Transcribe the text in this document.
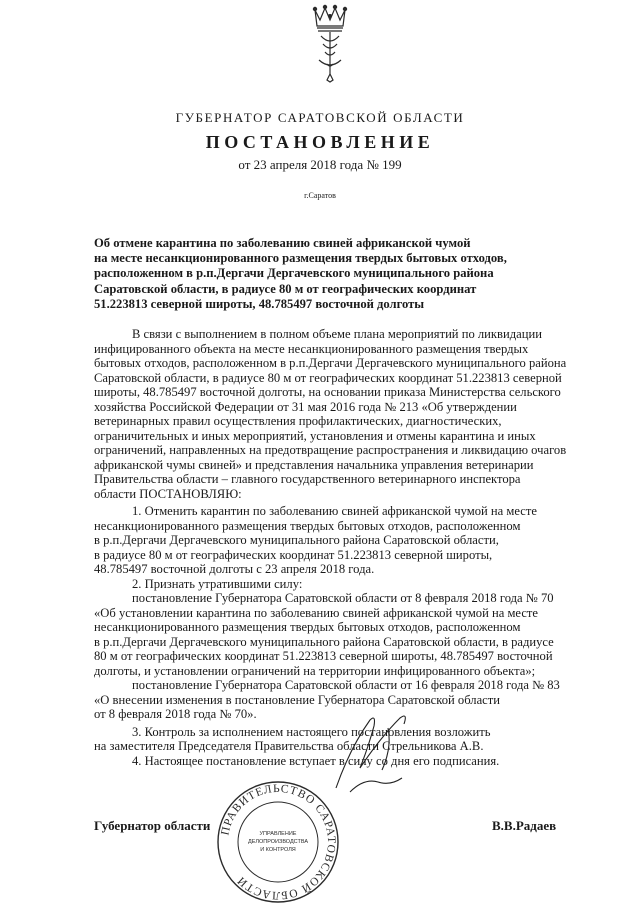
ГУБЕРНАТОР САРАТОВСКОЙ ОБЛАСТИ
ПОСТАНОВЛЕНИЕ
от 23 апреля 2018 года № 199
г.Саратов
Об отмене карантина по заболеванию свиней африканской чумой
на месте несанкционированного размещения твердых бытовых отходов,
расположенном в р.п.Дергачи Дергачевского муниципального района
Саратовской области, в радиусе 80 м от географических координат
51.223813 северной широты, 48.785497 восточной долготы
В связи с выполнением в полном объеме плана мероприятий по ликвидации
инфицированного объекта на месте несанкционированного размещения твердых
бытовых отходов, расположенном в р.п.Дергачи Дергачевского муниципального района
Саратовской области, в радиусе 80 м от географических координат 51.223813 северной
широты, 48.785497 восточной долготы, на основании приказа Министерства сельского
хозяйства Российской Федерации от 31 мая 2016 года № 213 «Об утверждении
ветеринарных правил осуществления профилактических, диагностических,
ограничительных и иных мероприятий, установления и отмены карантина и иных
ограничений, направленных на предотвращение распространения и ликвидацию очагов
африканской чумы свиней» и представления начальника управления ветеринарии
Правительства области – главного государственного ветеринарного инспектора
области ПОСТАНОВЛЯЮ:
1. Отменить карантин по заболеванию свиней африканской чумой на месте
несанкционированного размещения твердых бытовых отходов, расположенном
в р.п.Дергачи Дергачевского муниципального района Саратовской области,
в радиусе 80 м от географических координат 51.223813 северной широты,
48.785497 восточной долготы с 23 апреля 2018 года.
2. Признать утратившими силу:
постановление Губернатора Саратовской области от 8 февраля 2018 года № 70
«Об установлении карантина по заболеванию свиней африканской чумой на месте
несанкционированного размещения твердых бытовых отходов, расположенном
в р.п.Дергачи Дергачевского муниципального района Саратовской области, в радиусе
80 м от географических координат 51.223813 северной широты, 48.785497 восточной
долготы, и установлении ограничений на территории инфицированного объекта»;
постановление Губернатора Саратовской области от 16 февраля 2018 года № 83
«О внесении изменения в постановление Губернатора Саратовской области
от 8 февраля 2018 года № 70».
3. Контроль за исполнением настоящего постановления возложить
на заместителя Председателя Правительства области Стрельникова А.В.
4. Настоящее постановление вступает в силу со дня его подписания.
Губернатор области	В.В.Радаев
ПРАВИТЕЛЬСТВО САРАТОВСКОЙ ОБЛАСТИ
УПРАВЛЕНИЕ
ДЕЛОПРОИЗВОДСТВА
И КОНТРОЛЯ
